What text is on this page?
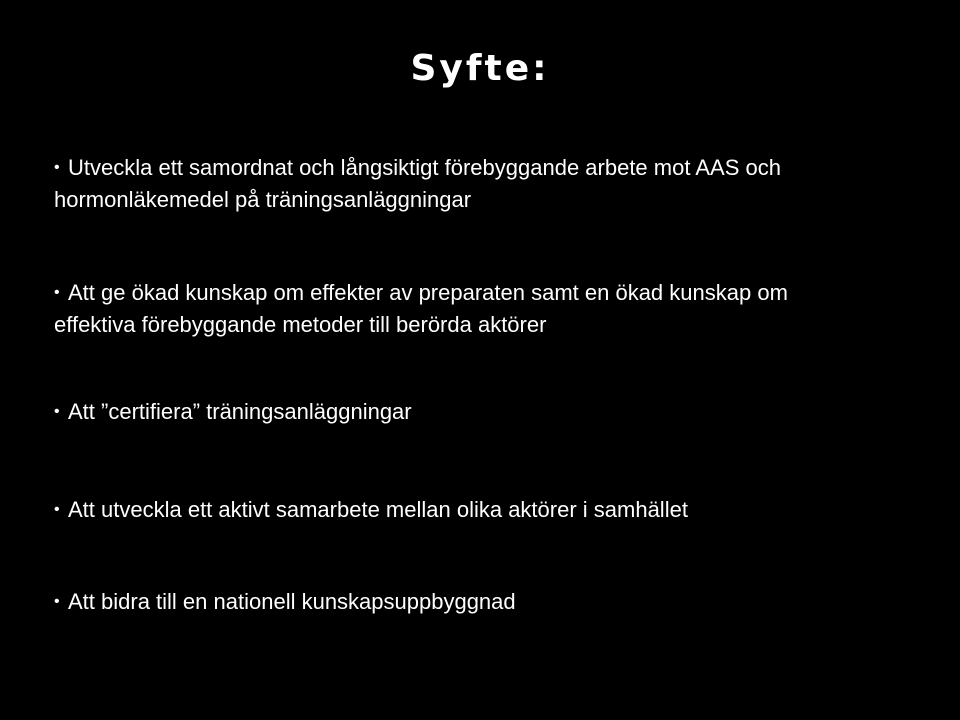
Syfte:
• Utveckla ett samordnat och långsiktigt förebyggande arbete mot AAS och
hormonläkemedel på träningsanläggningar
• Att ge ökad kunskap om effekter av preparaten samt en ökad kunskap om
effektiva förebyggande metoder till berörda aktörer
• Att ”certifiera” träningsanläggningar
• Att utveckla ett aktivt samarbete mellan olika aktörer i samhället
• Att bidra till en nationell kunskapsuppbyggnad
